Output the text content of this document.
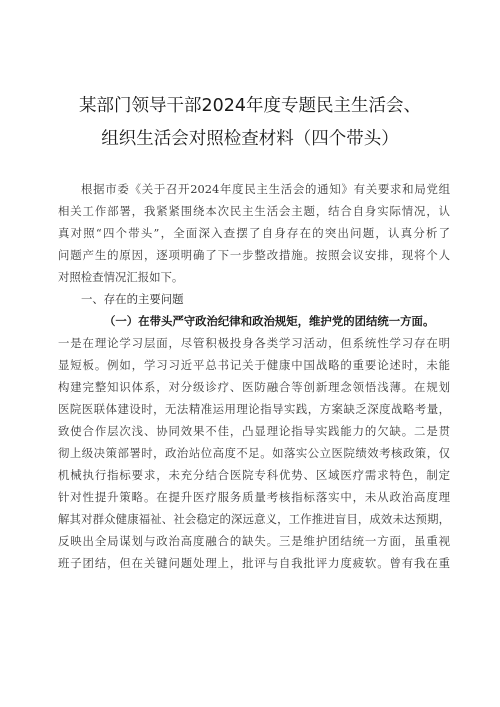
某部门领导干部2024年度专题民主生活会、
组织生活会对照检查材料（四个带头）
根据市委《关于召开2024年度民主生活会的通知》有关要求和局党组
相关工作部署，我紧紧围绕本次民主生活会主题，结合自身实际情况，认
真对照“四个带头”，全面深入查摆了自身存在的突出问题，认真分析了
问题产生的原因，逐项明确了下一步整改措施。按照会议安排，现将个人
对照检查情况汇报如下。
一、存在的主要问题
（一）在带头严守政治纪律和政治规矩，维护党的团结统一方面。
一是在理论学习层面，尽管积极投身各类学习活动，但系统性学习存在明
显短板。例如，学习习近平总书记关于健康中国战略的重要论述时，未能
构建完整知识体系，对分级诊疗、医防融合等创新理念领悟浅薄。在规划
医院医联体建设时，无法精准运用理论指导实践，方案缺乏深度战略考量，
致使合作层次浅、协同效果不佳，凸显理论指导实践能力的欠缺。二是贯
彻上级决策部署时，政治站位高度不足。如落实公立医院绩效考核政策，仅
机械执行指标要求，未充分结合医院专科优势、区域医疗需求特色，制定
针对性提升策略。在提升医疗服务质量考核指标落实中，未从政治高度理
解其对群众健康福祉、社会稳定的深远意义，工作推进盲目，成效未达预期，
反映出全局谋划与政治高度融合的缺失。三是维护团结统一方面，虽重视
班子团结，但在关键问题处理上，批评与自我批评力度疲软。曾有我在重
